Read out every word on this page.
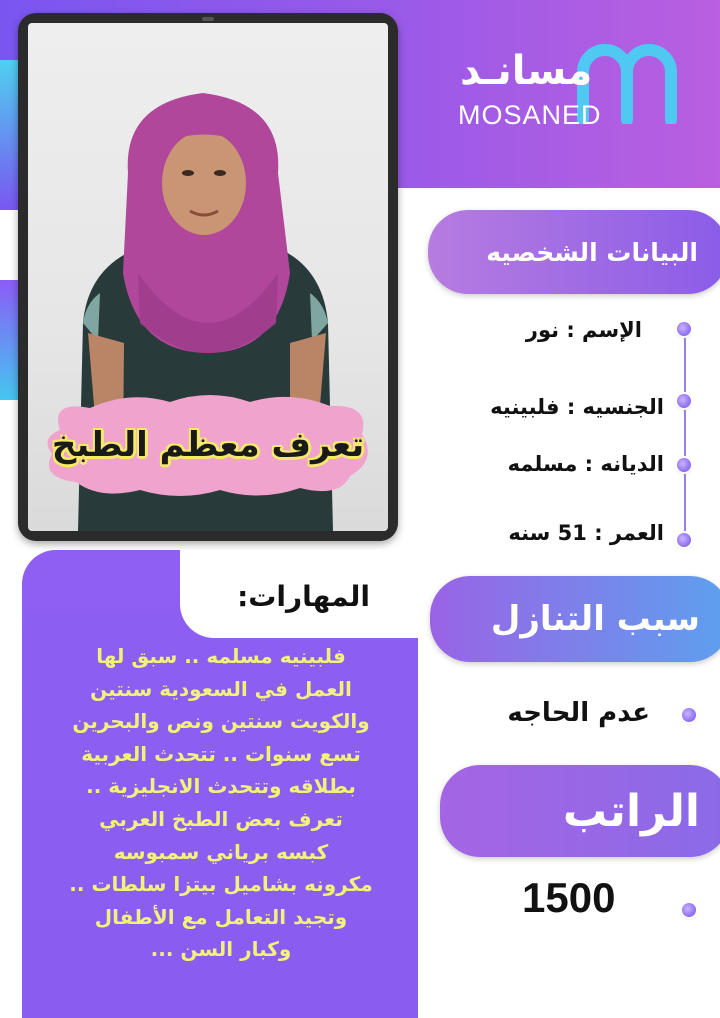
مسانـد
MOSANED
تعرف معظم الطبخ
البيانات الشخصيه
الإسم : نور
الجنسيه : فلبينيه
الديانه : مسلمه
العمر : 51 سنه
سبب التنازل
عدم الحاجه
الراتب
1500
المهارات:
فلبينيه مسلمه .. سبق لها
العمل في السعودية سنتين
والكويت سنتين ونص والبحرين
تسع سنوات .. تتحدث العربية
بطلاقه وتتحدث الانجليزية ..
تعرف بعض الطبخ العربي
كبسه برياني سمبوسه
مكرونه بشاميل بيتزا سلطات ..
وتجيد التعامل مع الأطفال
وكبار السن ...
